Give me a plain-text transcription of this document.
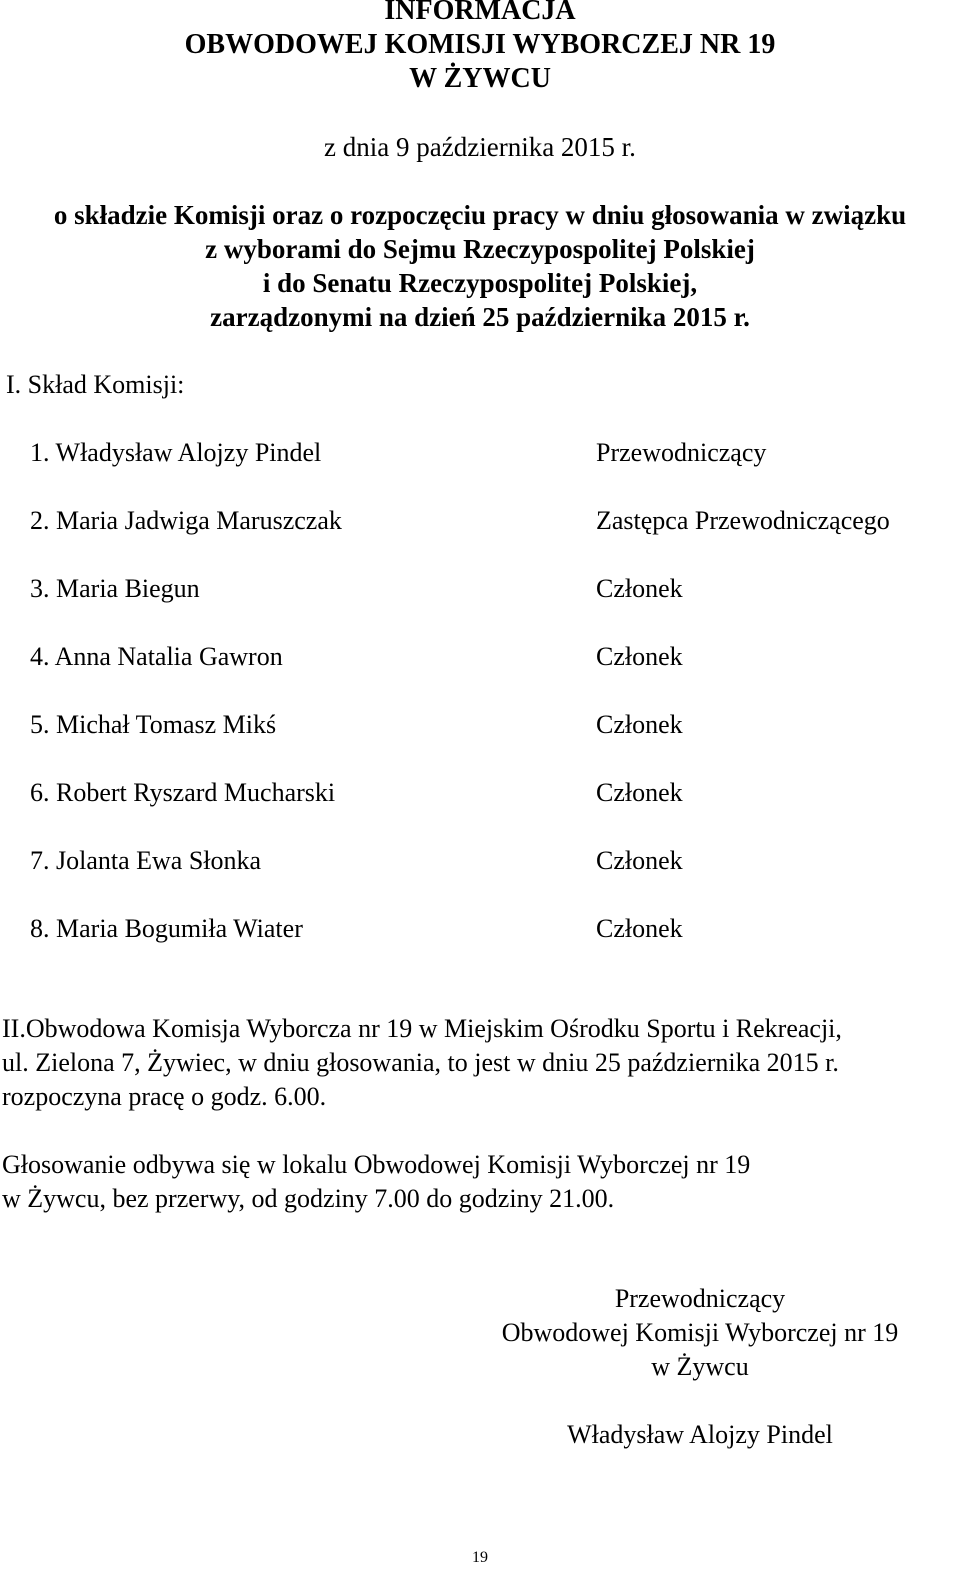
INFORMACJA
OBWODOWEJ KOMISJI WYBORCZEJ NR 19
W ŻYWCU
z dnia 9 października 2015 r.
o składzie Komisji oraz o rozpoczęciu pracy w dniu głosowania w związku
z wyborami do Sejmu Rzeczypospolitej Polskiej
i do Senatu Rzeczypospolitej Polskiej,
zarządzonymi na dzień 25 października 2015 r.
I. Skład Komisji:
1. Władysław Alojzy Pindel	Przewodniczący
2. Maria Jadwiga Maruszczak	Zastępca Przewodniczącego
3. Maria Biegun	Członek
4. Anna Natalia Gawron	Członek
5. Michał Tomasz Mikś	Członek
6. Robert Ryszard Mucharski	Członek
7. Jolanta Ewa Słonka	Członek
8. Maria Bogumiła Wiater	Członek
II.Obwodowa Komisja Wyborcza nr 19 w Miejskim Ośrodku Sportu i Rekreacji,
ul. Zielona 7, Żywiec, w dniu głosowania, to jest w dniu 25 października 2015 r.
rozpoczyna pracę o godz. 6.00.
Głosowanie odbywa się w lokalu Obwodowej Komisji Wyborczej nr 19
w Żywcu, bez przerwy, od godziny 7.00 do godziny 21.00.
Przewodniczący
Obwodowej Komisji Wyborczej nr 19
w Żywcu
Władysław Alojzy Pindel
19
